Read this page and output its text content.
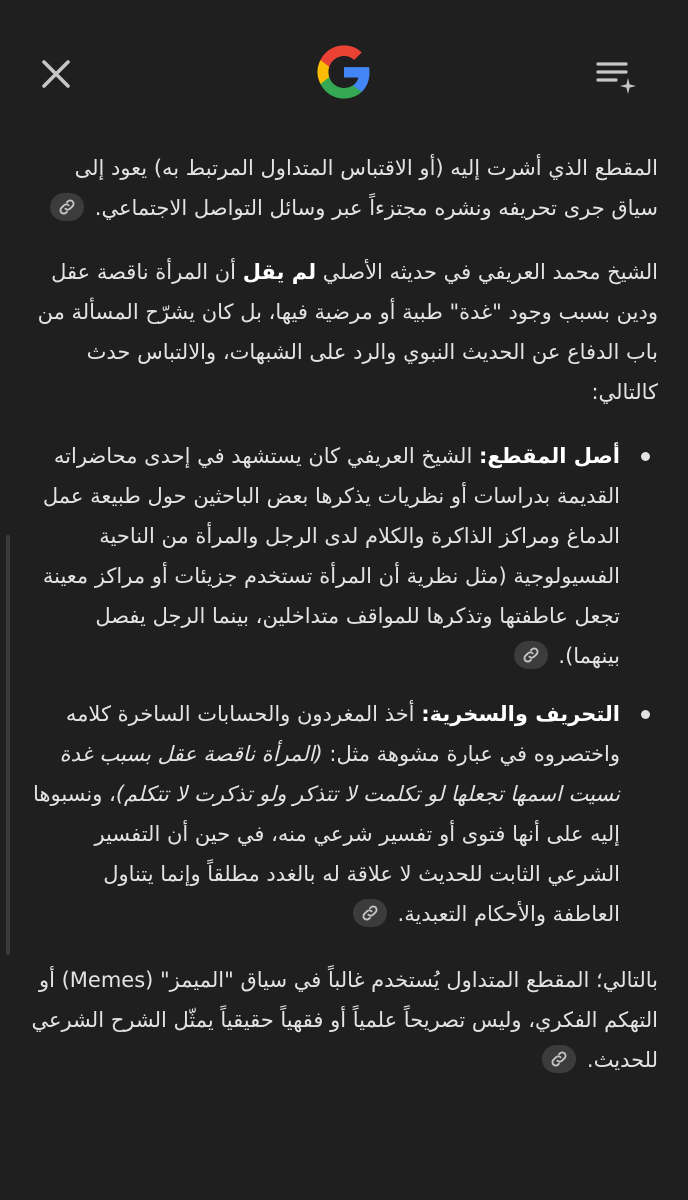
المقطع الذي أشرت إليه (أو الاقتباس المتداول المرتبط به) يعود إلى سياق جرى تحريفه ونشره مجتزءاً عبر وسائل التواصل الاجتماعي.

الشيخ محمد العريفي في حديثه الأصلي لم يقل أن المرأة ناقصة عقل ودين بسبب وجود "غدة" طبية أو مرضية فيها، بل كان يشرّح المسألة من باب الدفاع عن الحديث النبوي والرد على الشبهات، والالتباس حدث كالتالي:

أصل المقطع: الشيخ العريفي كان يستشهد في إحدى محاضراته القديمة بدراسات أو نظريات يذكرها بعض الباحثين حول طبيعة عمل الدماغ ومراكز الذاكرة والكلام لدى الرجل والمرأة من الناحية الفسيولوجية (مثل نظرية أن المرأة تستخدم جزيئات أو مراكز معينة تجعل عاطفتها وتذكرها للمواقف متداخلين، بينما الرجل يفصل بينهما).
التحريف والسخرية: أخذ المغردون والحسابات الساخرة كلامه واختصروه في عبارة مشوهة مثل: (المرأة ناقصة عقل بسبب غدة نسيت اسمها تجعلها لو تكلمت لا تتذكر ولو تذكرت لا تتكلم)، ونسبوها إليه على أنها فتوى أو تفسير شرعي منه، في حين أن التفسير الشرعي الثابت للحديث لا علاقة له بالغدد مطلقاً وإنما يتناول العاطفة والأحكام التعبدية.

بالتالي؛ المقطع المتداول يُستخدم غالباً في سياق "الميمز" (Memes) أو التهكم الفكري، وليس تصريحاً علمياً أو فقهياً حقيقياً يمثّل الشرح الشرعي للحديث.
